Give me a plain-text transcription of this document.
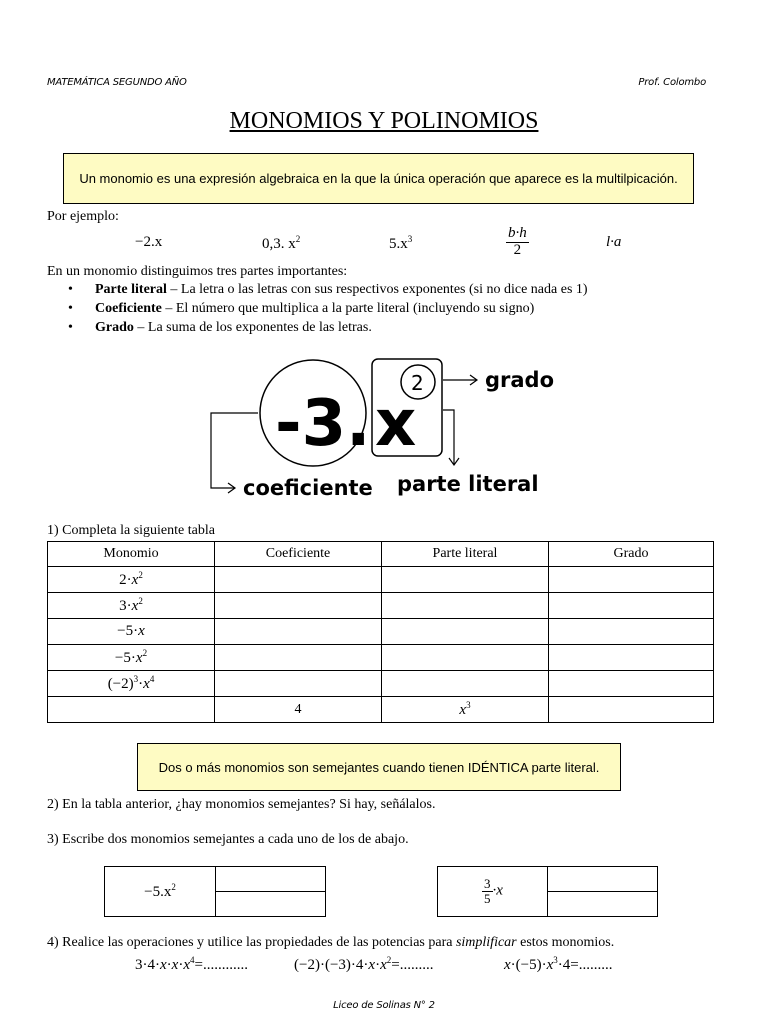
MATEMÁTICA SEGUNDO AÑO	Prof. Colombo
MONOMIOS Y POLINOMIOS
Un monomio es una expresión algebraica en la que la única operación que aparece es la multilpicación.
Por ejemplo:
−2.x	0,3. $x^2$	$5.x^3$	$\frac{b\cdot h}{2}$	l·a
En un monomio distinguimos tres partes importantes:
•	Parte literal – La letra o las letras con sus respectivos exponentes (si no dice nada es 1)
•	Coeficiente – El número que multiplica a la parte literal (incluyendo su signo)
•	Grado – La suma de los exponentes de las letras.
-3. x
2	grado
coeficiente parte literal
1) Completa la siguiente tabla
Monomio	Coeficiente	Parte literal	Grado
$2\cdot x^2$			
$3\cdot x^2$			
−5·x			
$-5\cdot x^2$			
$(-2)^3\cdot x^4$			
	4	$x^3$	
Dos o más monomios son semejantes cuando tienen IDÉNTICA parte literal.
2) En la tabla anterior, ¿hay monomios semejantes? Si hay, señálalos.
3) Escribe dos monomios semejantes a cada uno de los de abajo.
$-5.x^2$		$\frac{3}{5} \cdot x$	

4) Realice las operaciones y utilice las propiedades de las potencias para simplificar estos monomios.
$3\cdot 4\cdot x\cdot x\cdot x^4=$............	$(-2)\cdot(-3)\cdot 4\cdot x\cdot x^2=$.........	$x\cdot(-5)\cdot x^3\cdot 4=$.........
Liceo de Solinas N° 2
